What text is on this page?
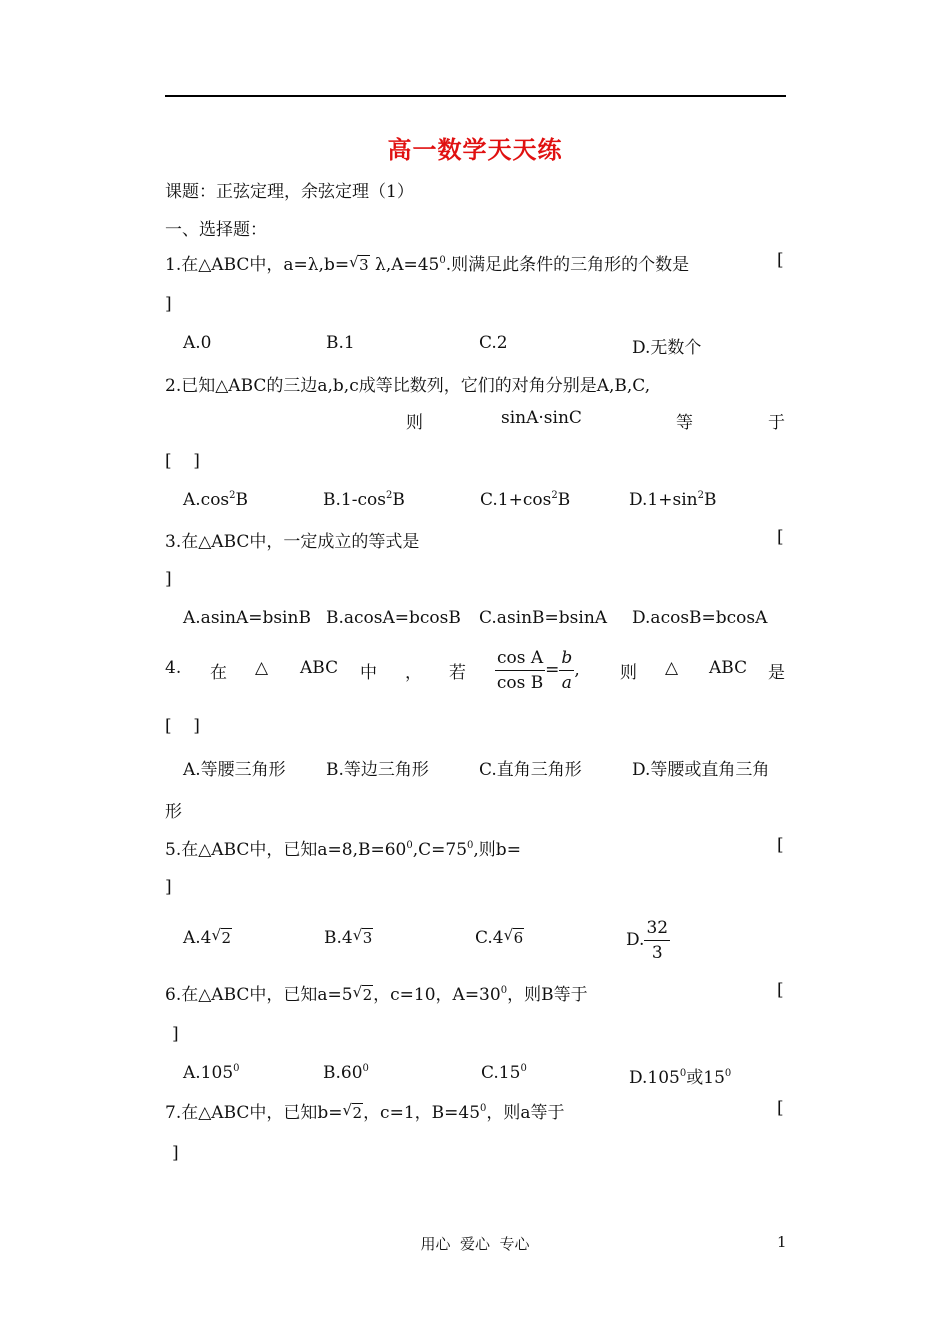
高一数学天天练
课题：正弦定理，余弦定理（1）
一、选择题：
1.在△ABC中，a=λ,b= √ 3 $\lambda,A=45^0$.则满足此条件的三角形的个数是	[
]
A.0	B.1	C.2	D.无数个
2.已知△ABC的三边a,b,c成等比数列，它们的对角分别是A,B,C,
则	sinA·sinC	等	于
[    ]
$A.\cos^2B$	$B.1-\cos^2B$	$C.1+\cos^2B$	$D.1+\sin^2B$
3.在△ABC中，一定成立的等式是	[
]
A.asinA=bsinB B.acosA=bcosB C.asinB=bsinA D.acosB=bcosA
4. 在 △ ABC 中 ， 若 $\frac{\text{cos A}}{\text{cos B}} = \frac{b}{a}$ , 则 △ ABC 是
[    ]
A.等腰三角形 B.等边三角形	C.直角三角形	D.等腰或直角三角
形
5.在△ABC中，已知$a=8,B=60^0,C=75^0$,则b=	[
]
A.4 √ 2	B.4 √ 3	C.4 √ 6	D. $\frac{32}{3}$
6.在△ABC中，已知a=5 √ 2，c=10，$A=30^0$，则B等于	[
]
A.105$^0$	$B.60^0$	$C.15^0$	D.105$^0$或$15^0$
7.在△ABC中，已知b= √ 2，c=1，$B=45^0$，则a等于	[
]
用心  爱心  专心	1
